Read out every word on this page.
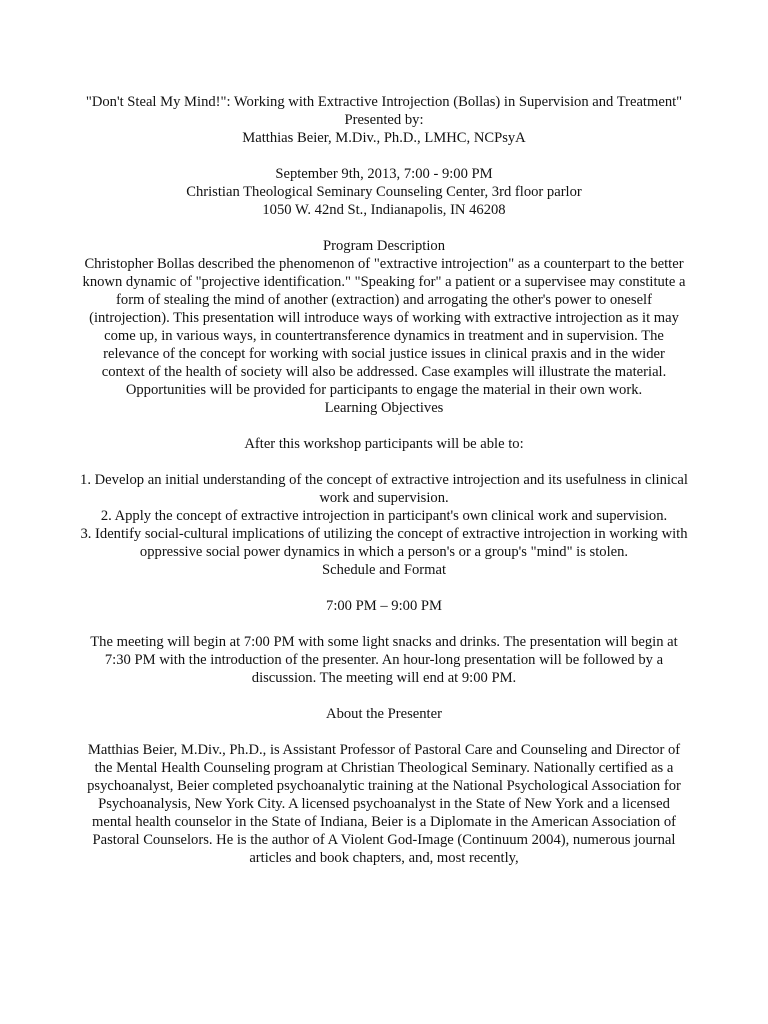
"Don't Steal My Mind!": Working with Extractive Introjection (Bollas) in Supervision and Treatment"

Presented by:

Matthias Beier, M.Div., Ph.D., LMHC, NCPsyA

September 9th, 2013, 7:00 - 9:00 PM

Christian Theological Seminary Counseling Center, 3rd floor parlor

1050 W. 42nd St., Indianapolis, IN 46208

Program Description

Christopher Bollas described the phenomenon of "extractive introjection" as a counterpart to the better known dynamic of "projective identification." "Speaking for" a patient or a supervisee may constitute a form of stealing the mind of another (extraction) and arrogating the other's power to oneself (introjection). This presentation will introduce ways of working with extractive introjection as it may come up, in various ways, in countertransference dynamics in treatment and in supervision. The relevance of the concept for working with social justice issues in clinical praxis and in the wider context of the health of society will also be addressed. Case examples will illustrate the material. Opportunities will be provided for participants to engage the material in their own work.

Learning Objectives

After this workshop participants will be able to:

1. Develop an initial understanding of the concept of extractive introjection and its usefulness in clinical work and supervision.

2. Apply the concept of extractive introjection in participant's own clinical work and supervision.

3. Identify social-cultural implications of utilizing the concept of extractive introjection in working with oppressive social power dynamics in which a person's or a group's "mind" is stolen.

Schedule and Format

7:00 PM – 9:00 PM

The meeting will begin at 7:00 PM with some light snacks and drinks. The presentation will begin at 7:30 PM with the introduction of the presenter. An hour-long presentation will be followed by a discussion. The meeting will end at 9:00 PM.

About the Presenter

Matthias Beier, M.Div., Ph.D., is Assistant Professor of Pastoral Care and Counseling and Director of the Mental Health Counseling program at Christian Theological Seminary. Nationally certified as a psychoanalyst, Beier completed psychoanalytic training at the National Psychological Association for Psychoanalysis, New York City. A licensed psychoanalyst in the State of New York and a licensed mental health counselor in the State of Indiana, Beier is a Diplomate in the American Association of Pastoral Counselors. He is the author of A Violent God-Image (Continuum 2004), numerous journal articles and book chapters, and, most recently,
